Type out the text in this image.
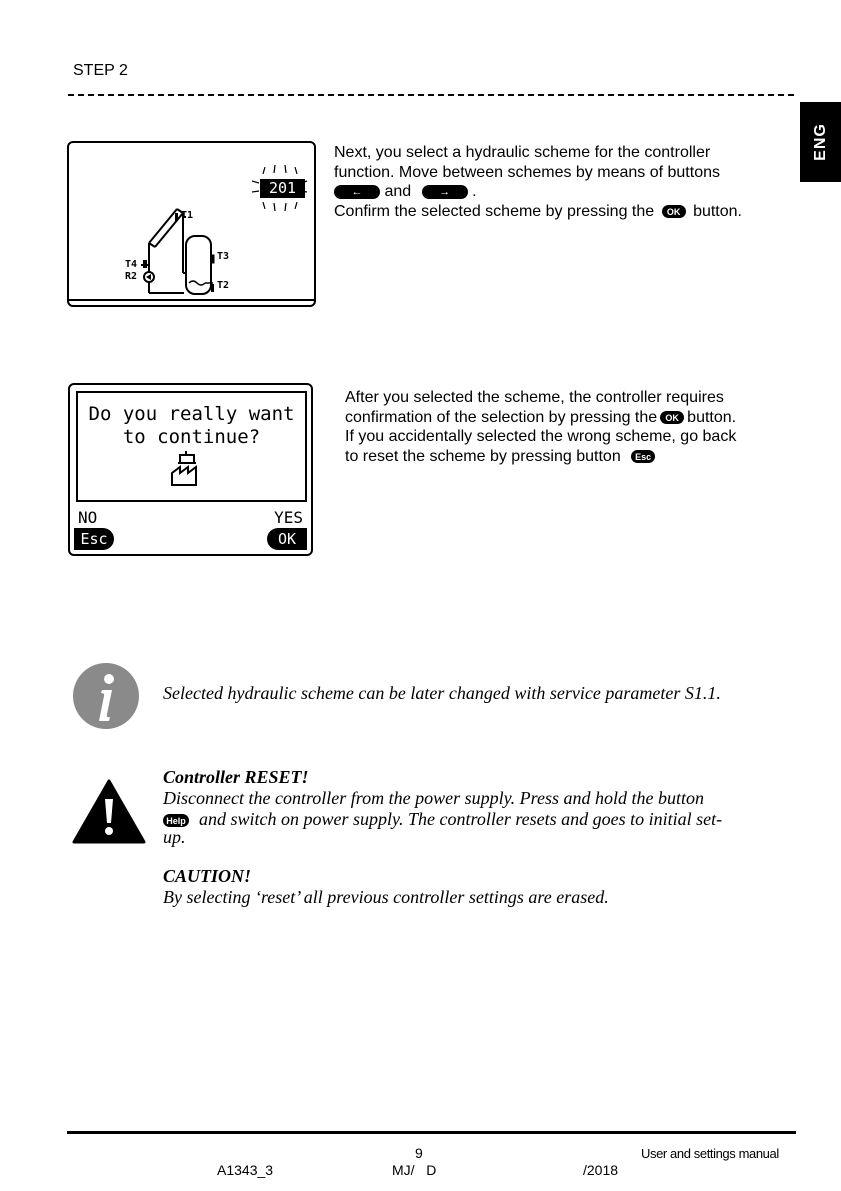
STEP 2
ENG
201
T1
T3
T2
T4
R2
Next, you select a hydraulic scheme for the controller
function. Move between schemes by means of buttons
← and	→ .
Confirm the selected scheme by pressing the OK button.
Do you really want
to continue?
NO	YES
Esc	OK
After you selected the scheme, the controller requires
confirmation of the selection by pressing the OK button.
If you accidentally selected the wrong scheme, go back
to reset the scheme by pressing button Esc
Selected hydraulic scheme can be later changed with service parameter S1.1.
Controller RESET!
Disconnect the controller from the power supply. Press and hold the button
Help and switch on power supply. The controller resets and goes to initial set-
up.
CAUTION!
By selecting ‘reset’ all previous controller settings are erased.
9	User and settings manual
A1343_3	MJ/   D	/2018
